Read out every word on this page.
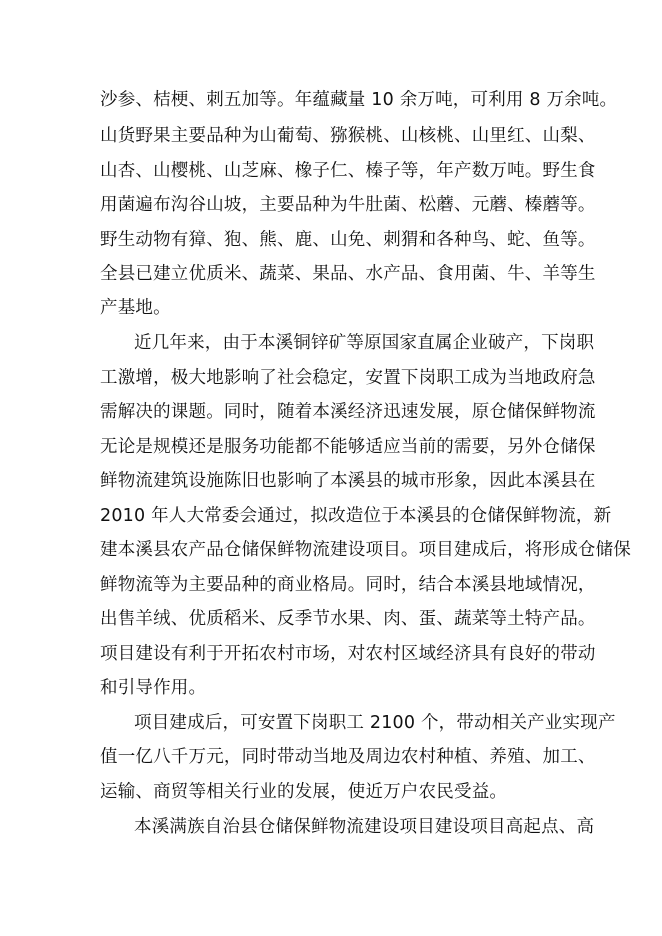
沙参、桔梗、刺五加等。年蕴藏量 10 余万吨，可利用 8 万余吨。
山货野果主要品种为山葡萄、猕猴桃、山核桃、山里红、山梨、
山杏、山樱桃、山芝麻、橡子仁、榛子等，年产数万吨。野生食
用菌遍布沟谷山坡，主要品种为牛肚菌、松蘑、元蘑、榛蘑等。
野生动物有獐、狍、熊、鹿、山免、刺猬和各种鸟、蛇、鱼等。
全县已建立优质米、蔬菜、果品、水产品、食用菌、牛、羊等生
产基地。
近几年来，由于本溪铜锌矿等原国家直属企业破产，下岗职
工激增，极大地影响了社会稳定，安置下岗职工成为当地政府急
需解决的课题。同时，随着本溪经济迅速发展，原仓储保鲜物流
无论是规模还是服务功能都不能够适应当前的需要，另外仓储保
鲜物流建筑设施陈旧也影响了本溪县的城市形象，因此本溪县在
2010 年人大常委会通过，拟改造位于本溪县的仓储保鲜物流，新
建本溪县农产品仓储保鲜物流建设项目。项目建成后，将形成仓储保
鲜物流等为主要品种的商业格局。同时，结合本溪县地域情况，
出售羊绒、优质稻米、反季节水果、肉、蛋、蔬菜等土特产品。
项目建设有利于开拓农村市场，对农村区域经济具有良好的带动
和引导作用。
项目建成后，可安置下岗职工 2100 个，带动相关产业实现产
值一亿八千万元，同时带动当地及周边农村种植、养殖、加工、
运输、商贸等相关行业的发展，使近万户农民受益。
本溪满族自治县仓储保鲜物流建设项目建设项目高起点、高
